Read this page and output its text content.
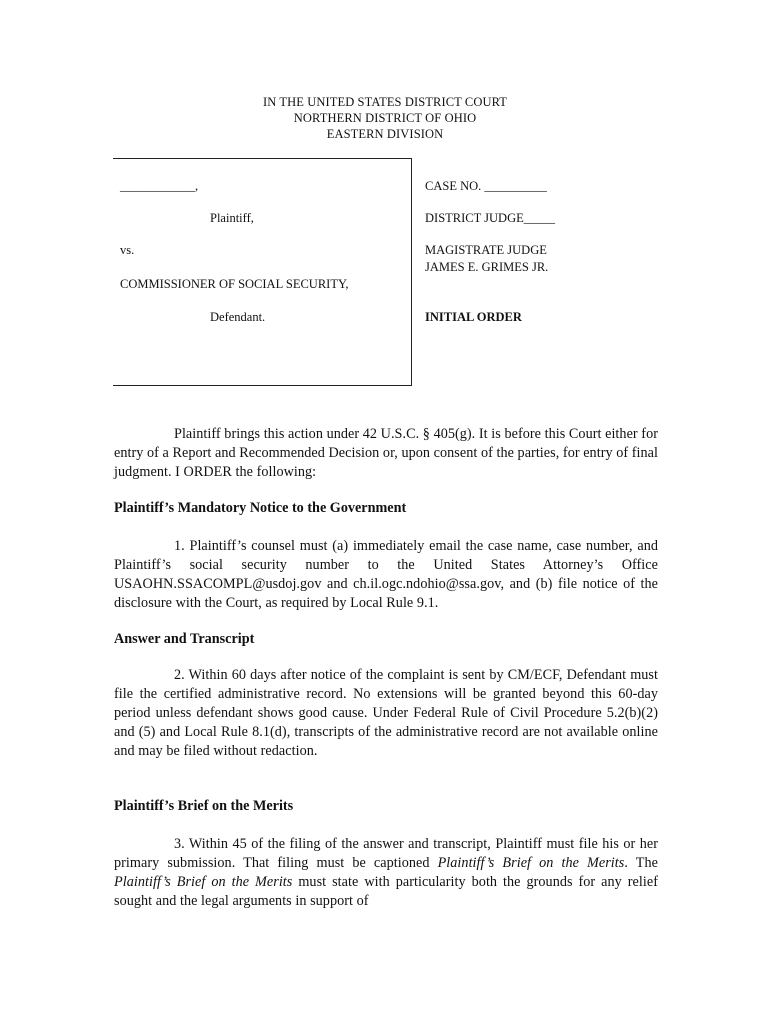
IN THE UNITED STATES DISTRICT COURT
NORTHERN DISTRICT OF OHIO
EASTERN DIVISION
____________,
Plaintiff,
vs.
COMMISSIONER OF SOCIAL SECURITY,
Defendant.
CASE NO. __________
DISTRICT JUDGE_____
MAGISTRATE JUDGE
JAMES E. GRIMES JR.
INITIAL ORDER
Plaintiff brings this action under 42 U.S.C. § 405(g). It is before this Court either for entry of a Report and Recommended Decision or, upon consent of the parties, for entry of final judgment. I ORDER the following:
Plaintiff’s Mandatory Notice to the Government
1. Plaintiff’s counsel must (a) immediately email the case name, case number, and Plaintiff’s social security number to the United States Attorney’s Office USAOHN.SSACOMPL@usdoj.gov and ch.il.ogc.ndohio@ssa.gov, and (b) file notice of the disclosure with the Court, as required by Local Rule 9.1.
Answer and Transcript
2. Within 60 days after notice of the complaint is sent by CM/ECF, Defendant must file the certified administrative record. No extensions will be granted beyond this 60-day period unless defendant shows good cause. Under Federal Rule of Civil Procedure 5.2(b)(2) and (5) and Local Rule 8.1(d), transcripts of the administrative record are not available online and may be filed without redaction.
Plaintiff’s Brief on the Merits
3. Within 45 of the filing of the answer and transcript, Plaintiff must file his or her primary submission. That filing must be captioned Plaintiff’s Brief on the Merits. The Plaintiff’s Brief on the Merits must state with particularity both the grounds for any relief sought and the legal arguments in support of
